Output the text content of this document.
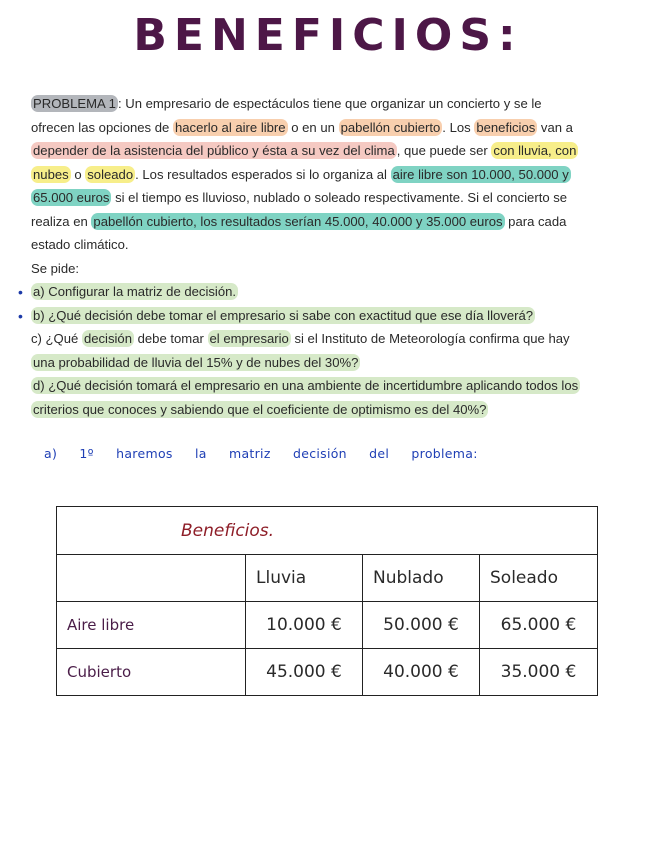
BENEFICIOS:

PROBLEMA 1 : Un empresario de espectáculos tiene que organizar un concierto y se le

ofrecen las opciones de hacerlo al aire libre o en un pabellón cubierto . Los beneficios van a

depender de la asistencia del público y ésta a su vez del clima , que puede ser con lluvia, con

nubes o soleado . Los resultados esperados si lo organiza al aire libre son 10.000, 50.000 y

65.000 euros si el tiempo es lluvioso, nublado o soleado respectivamente. Si el concierto se

realiza en pabellón cubierto, los resultados serían 45.000, 40.000 y 35.000 euros para cada

estado climático.

Se pide:

a) Configurar la matriz de decisión.

b) ¿Qué decisión debe tomar el empresario si sabe con exactitud que ese día lloverá?

c) ¿Qué decisión debe tomar el empresario si el Instituto de Meteorología confirma que hay

una probabilidad de lluvia del 15% y de nubes del 30%?

d) ¿Qué decisión tomará el empresario en una ambiente de incertidumbre aplicando todos los

criterios que conoces y sabiendo que el coeficiente de optimismo es del 40%?

•
•
a) 1º haremos la matriz decisión del problema:
Beneficios.			
	Lluvia	Nublado	Soleado
Aire libre	10.000 €	50.000 €	65.000 €
Cubierto	45.000 €	40.000 €	35.000 €
